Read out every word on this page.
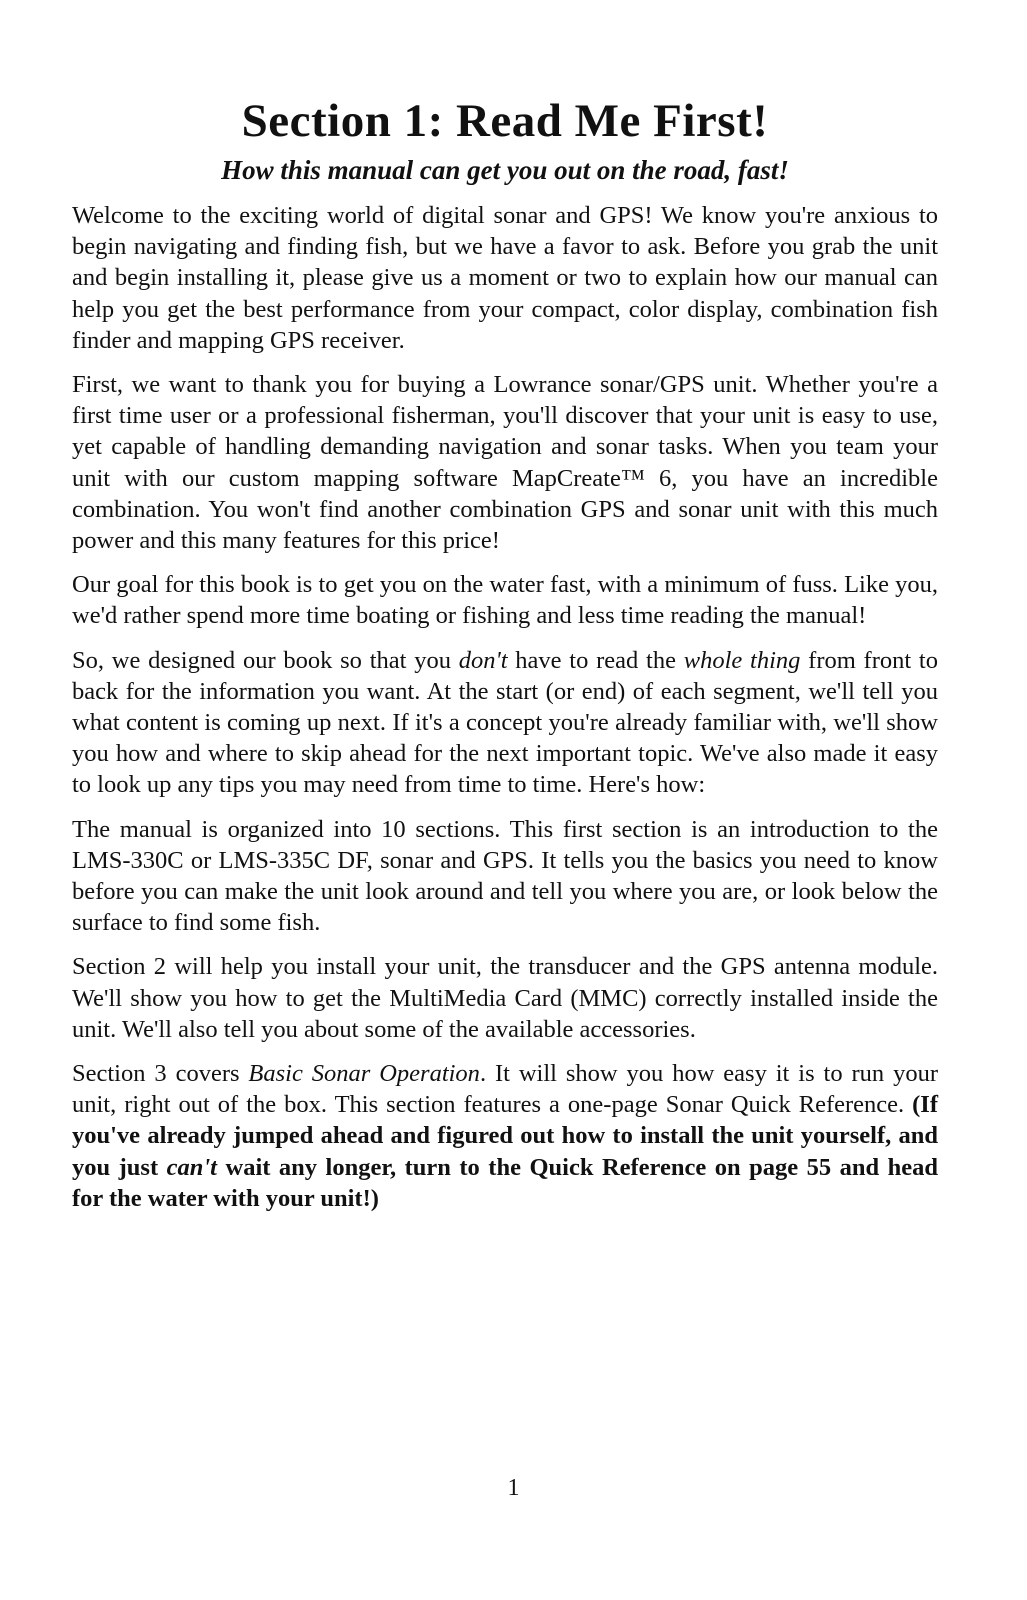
Section 1: Read Me First!
How this manual can get you out on the road, fast!

Welcome to the exciting world of digital sonar and GPS! We know you're anxious to begin navigating and finding fish, but we have a favor to ask. Before you grab the unit and begin installing it, please give us a moment or two to explain how our manual can help you get the best performance from your compact, color display, combination fish finder and mapping GPS receiver.

First, we want to thank you for buying a Lowrance sonar/GPS unit. Whether you're a first time user or a professional fisherman, you'll discover that your unit is easy to use, yet capable of handling demanding navigation and sonar tasks. When you team your unit with our custom mapping software MapCreate™ 6, you have an incredible combination. You won't find another combination GPS and sonar unit with this much power and this many features for this price!

Our goal for this book is to get you on the water fast, with a minimum of fuss. Like you, we'd rather spend more time boating or fishing and less time reading the manual!

So, we designed our book so that you don't have to read the whole thing from front to back for the information you want. At the start (or end) of each segment, we'll tell you what content is coming up next. If it's a concept you're already familiar with, we'll show you how and where to skip ahead for the next important topic. We've also made it easy to look up any tips you may need from time to time. Here's how:

The manual is organized into 10 sections. This first section is an introduction to the LMS-330C or LMS-335C DF, sonar and GPS. It tells you the basics you need to know before you can make the unit look around and tell you where you are, or look below the surface to find some fish.

Section 2 will help you install your unit, the transducer and the GPS antenna module. We'll show you how to get the MultiMedia Card (MMC) correctly installed inside the unit. We'll also tell you about some of the available accessories.

Section 3 covers Basic Sonar Operation. It will show you how easy it is to run your unit, right out of the box. This section features a one-page Sonar Quick Reference. (If you've already jumped ahead and figured out how to install the unit yourself, and you just can't wait any longer, turn to the Quick Reference on page 55 and head for the water with your unit!)

1
